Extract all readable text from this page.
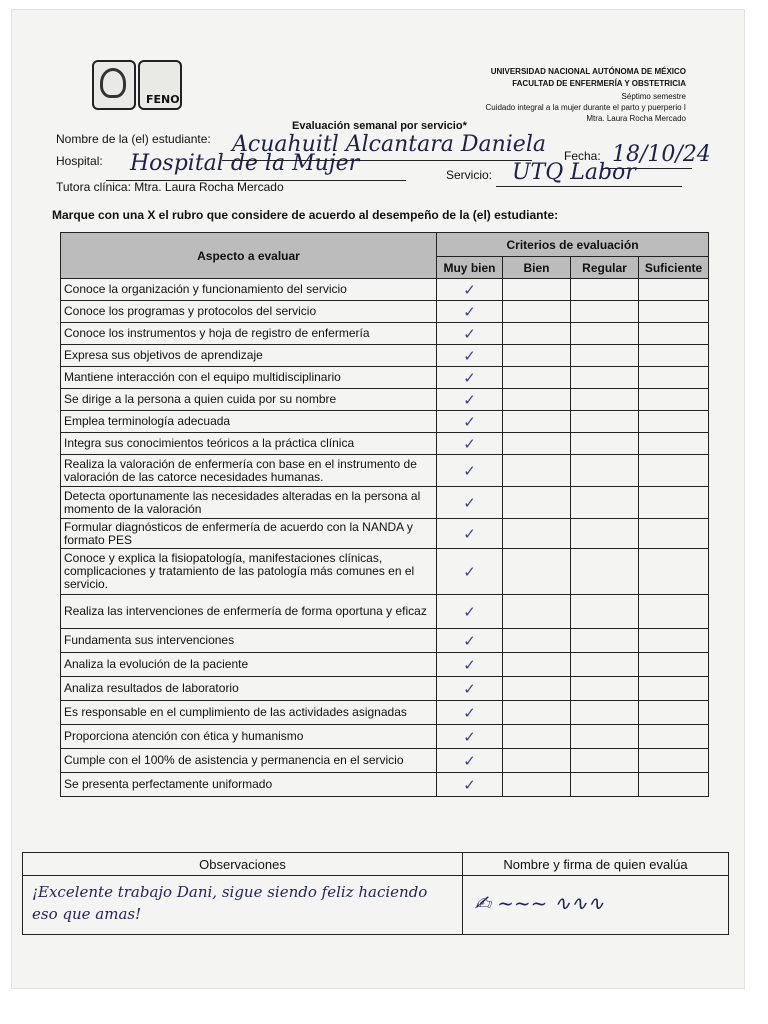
FENO
UNIVERSIDAD NACIONAL AUTÓNOMA DE MÉXICO
FACULTAD DE ENFERMERÍA Y OBSTETRICIA
Séptimo semestre
Cuidado integral a la mujer durante el parto y puerperio I
Mtra. Laura Rocha Mercado
Evaluación semanal por servicio*
Nombre de la (el) estudiante: Acuahuitl Alcantara Daniela
Hospital: Hospital de la Mujer	Fecha: 18/10/24
Servicio: UTQ Labor
Tutora clínica: Mtra. Laura Rocha Mercado
Marque con una X el rubro que considere de acuerdo al desempeño de la (el) estudiante:
Aspecto a evaluar	Criterios de evaluación			
	Muy bien	Bien	Regular	Suficiente
Conoce la organización y funcionamiento del servicio	✓			
Conoce los programas y protocolos del servicio	✓			
Conoce los instrumentos y hoja de registro de enfermería	✓			
Expresa sus objetivos de aprendizaje	✓			
Mantiene interacción con el equipo multidisciplinario	✓			
Se dirige a la persona a quien cuida por su nombre	✓			
Emplea terminología adecuada	✓			
Integra sus conocimientos teóricos a la práctica clínica	✓			
Realiza la valoración de enfermería con base en el instrumento de valoración de las catorce necesidades humanas.	✓			
Detecta oportunamente las necesidades alteradas en la persona al momento de la valoración	✓			
Formular diagnósticos de enfermería de acuerdo con la NANDA y formato PES	✓			
Conoce y explica la fisiopatología, manifestaciones clínicas, complicaciones y tratamiento de las patología más comunes en el servicio.	✓			
Realiza las intervenciones de enfermería de forma oportuna y eficaz	✓			
Fundamenta sus intervenciones	✓			
Analiza la evolución de la paciente	✓			
Analiza resultados de laboratorio	✓			
Es responsable en el cumplimiento de las actividades asignadas	✓			
Proporciona atención con ética y humanismo	✓			
Cumple con el 100% de asistencia y permanencia en el servicio	✓			
Se presenta perfectamente uniformado	✓			
Observaciones	Nombre y firma de quien evalúa

¡Excelente trabajo Dani, sigue siendo feliz haciendo eso que amas!	✍︎ ~~~ ∿∿∿
